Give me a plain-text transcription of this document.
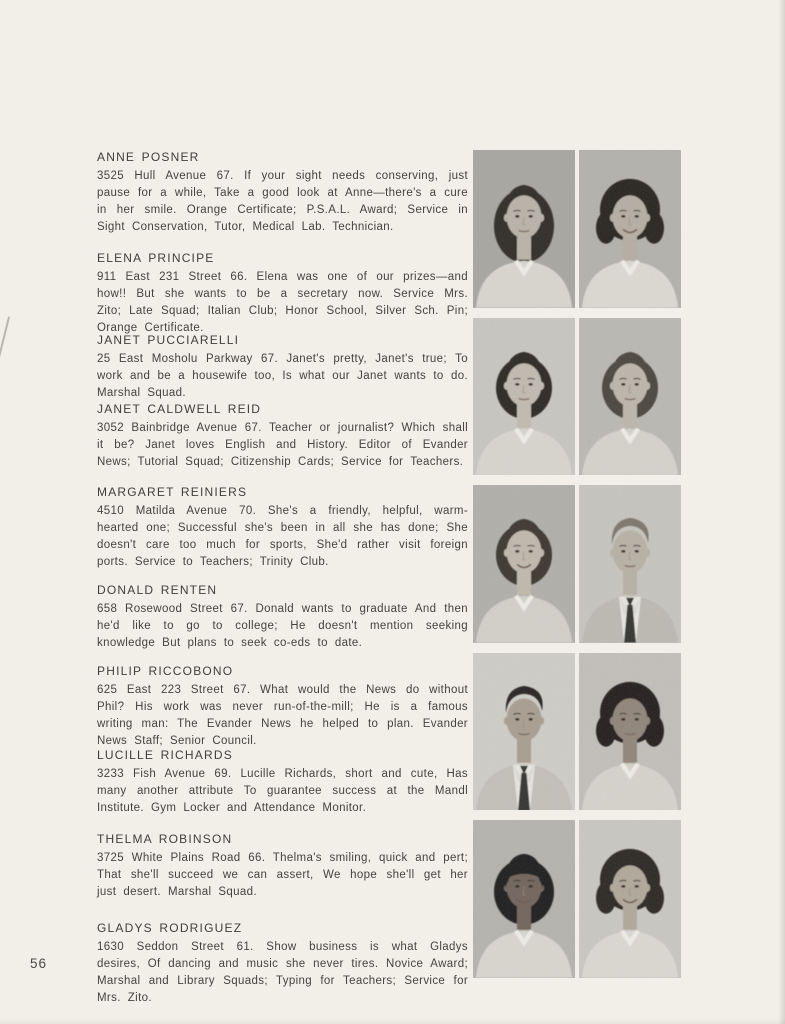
ANNE POSNER

3525 Hull Avenue 67. If your sight needs conserving, just pause for a while, Take a good look at Anne—there's a cure in her smile. Orange Certificate; P.S.A.L. Award; Service in Sight Conservation, Tutor, Medical Lab. Technician.

ELENA PRINCIPE

911 East 231 Street 66. Elena was one of our prizes—and how!! But she wants to be a secretary now. Service Mrs. Zito; Late Squad; Italian Club; Honor School, Silver Sch. Pin; Orange Certificate.

JANET PUCCIARELLI

25 East Mosholu Parkway 67. Janet's pretty, Janet's true; To work and be a housewife too, Is what our Janet wants to do. Marshal Squad.

JANET CALDWELL REID

3052 Bainbridge Avenue 67. Teacher or journalist? Which shall it be? Janet loves English and History. Editor of Evander News; Tutorial Squad; Citizenship Cards; Service for Teachers.

MARGARET REINIERS

4510 Matilda Avenue 70. She's a friendly, helpful, warm-hearted one; Successful she's been in all she has done; She doesn't care too much for sports, She'd rather visit foreign ports. Service to Teachers; Trinity Club.

DONALD RENTEN

658 Rosewood Street 67. Donald wants to graduate And then he'd like to go to college; He doesn't mention seeking knowledge But plans to seek co-eds to date.

PHILIP RICCOBONO

625 East 223 Street 67. What would the News do without Phil? His work was never run-of-the-mill; He is a famous writing man: The Evander News he helped to plan. Evander News Staff; Senior Council.

LUCILLE RICHARDS

3233 Fish Avenue 69. Lucille Richards, short and cute, Has many another attribute To guarantee success at the Mandl Institute. Gym Locker and Attendance Monitor.

THELMA ROBINSON

3725 White Plains Road 66. Thelma's smiling, quick and pert; That she'll succeed we can assert, We hope she'll get her just desert. Marshal Squad.

GLADYS RODRIGUEZ

1630 Seddon Street 61. Show business is what Gladys desires, Of dancing and music she never tires. Novice Award; Marshal and Library Squads; Typing for Teachers; Service for Mrs. Zito.

56
